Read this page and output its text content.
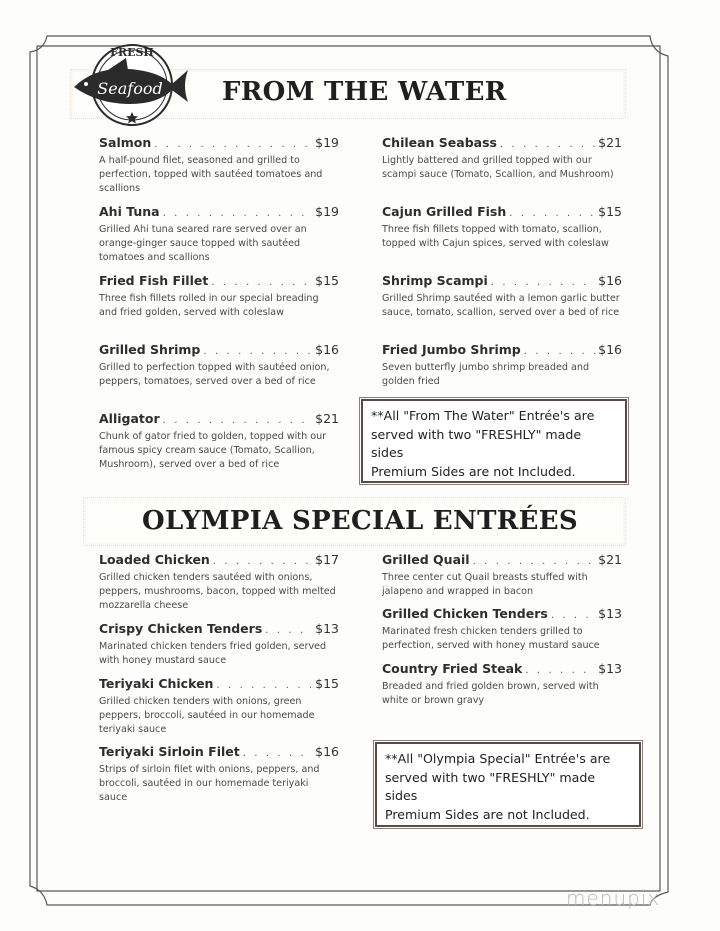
FRESH
Seafood FROM THE WATER
Salmon . . .	$19
A half-pound filet, seasoned and grilled to perfection, topped with sautéed tomatoes and scallions
Ahi Tuna . . .	$19
Grilled Ahi tuna seared rare served over an orange-ginger sauce topped with sautéed tomatoes and scallions
Fried Fish Fillet . . .	$15
Three fish fillets rolled in our special breading and fried golden, served with coleslaw
Grilled Shrimp . . .	$16
Grilled to perfection topped with sautéed onion, peppers, tomatoes, served over a bed of rice
Alligator . . .	$21
Chunk of gator fried to golden, topped with our famous spicy cream sauce (Tomato, Scallion, Mushroom), served over a bed of rice
Chilean Seabass . . .	$21
Lightly battered and grilled topped with our scampi sauce (Tomato, Scallion, and Mushroom)
Cajun Grilled Fish . . .	$15
Three fish fillets topped with tomato, scallion, topped with Cajun spices, served with coleslaw
Shrimp Scampi . . .	$16
Grilled Shrimp sautéed with a lemon garlic butter sauce, tomato, scallion, served over a bed of rice
Fried Jumbo Shrimp . . .	$16
Seven butterfly jumbo shrimp breaded and golden fried
**All "From The Water" Entrée's are
served with two "FRESHLY" made sides
Premium Sides are not Included.
OLYMPIA SPECIAL ENTRÉES
Loaded Chicken . . .	$17
Grilled chicken tenders sautéed with onions, peppers, mushrooms, bacon, topped with melted mozzarella cheese
Crispy Chicken Tenders . . .	$13
Marinated chicken tenders fried golden, served with honey mustard sauce
Teriyaki Chicken . . .	$15
Grilled chicken tenders with onions, green peppers, broccoli, sautéed in our homemade teriyaki sauce
Teriyaki Sirloin Filet . . .	$16
Strips of sirloin filet with onions, peppers, and broccoli, sautéed in our homemade teriyaki sauce
Grilled Quail . . .	$21
Three center cut Quail breasts stuffed with jalapeno and wrapped in bacon
Grilled Chicken Tenders . . .	$13
Marinated fresh chicken tenders grilled to perfection, served with honey mustard sauce
Country Fried Steak . . .	$13
Breaded and fried golden brown, served with white or brown gravy
**All "Olympia Special" Entrée's are
served with two "FRESHLY" made sides
Premium Sides are not Included.
menupix
